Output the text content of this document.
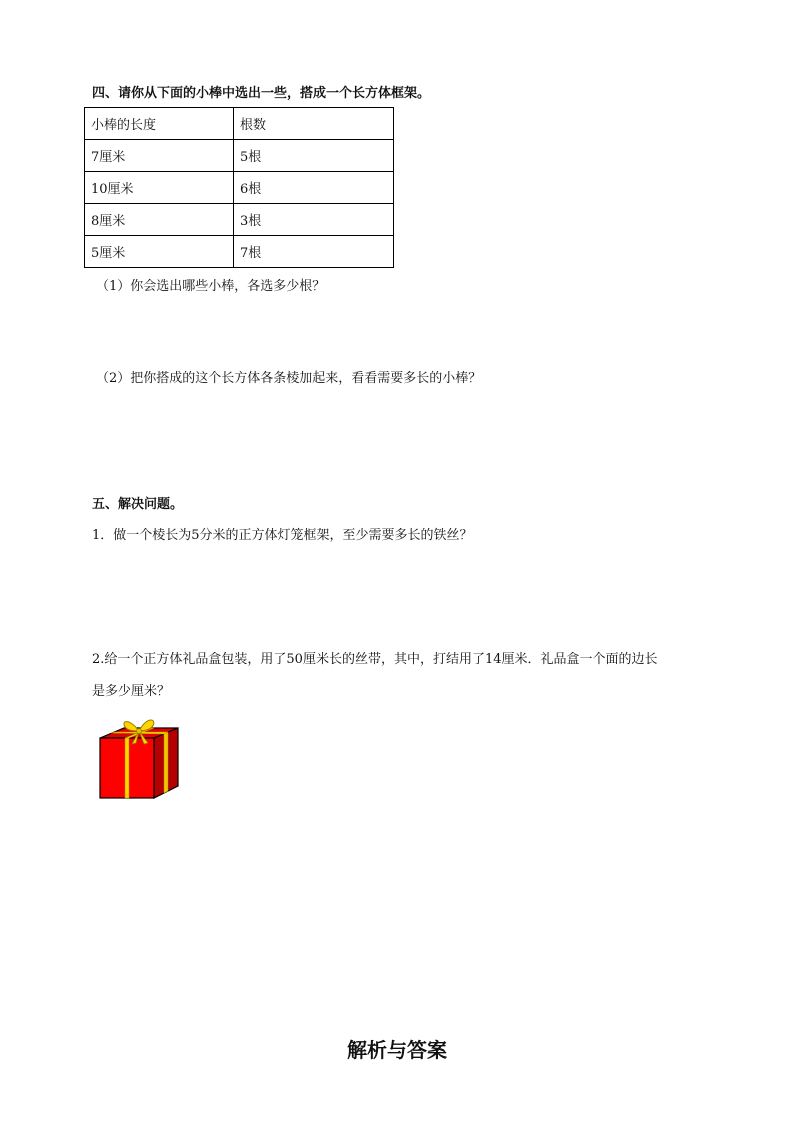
四、请你从下面的小棒中选出一些，搭成一个长方体框架。
小棒的长度	根数
7厘米	5根
10厘米	6根
8厘米	3根
5厘米	7根
（1）你会选出哪些小棒，各选多少根？
（2）把你搭成的这个长方体各条棱加起来，看看需要多长的小棒？
五、解决问题。
1．做一个棱长为5分米的正方体灯笼框架，至少需要多长的铁丝？
2.给一个正方体礼品盒包装，用了50厘米长的丝带，其中，打结用了14厘米．礼品盒一个面的边长
是多少厘米？
解析与答案
